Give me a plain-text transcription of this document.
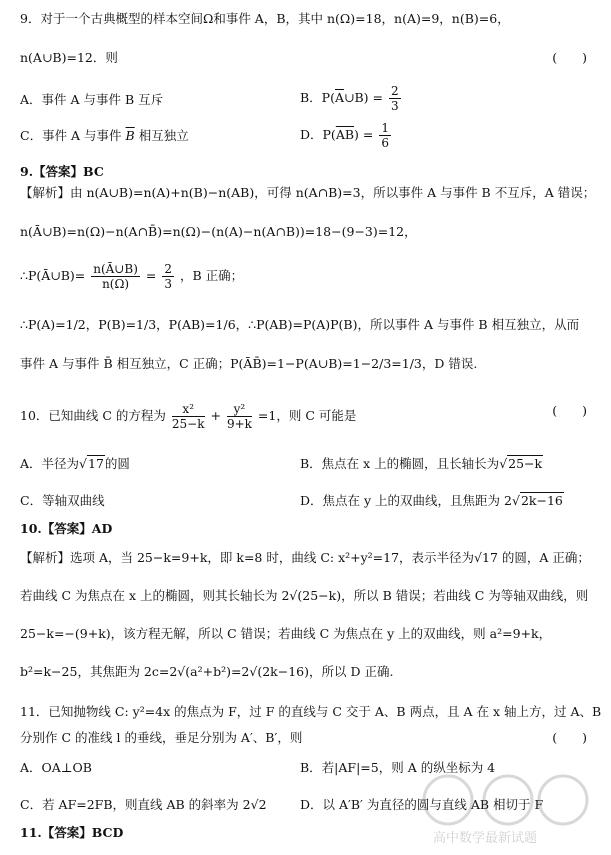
9．对于一个古典概型的样本空间Ω和事件 A，B，其中 n(Ω)=18，n(A)=9，n(B)=6，
n(A∪B)=12．则	(　　)
A．事件 A 与事件 B 互斥	B．$P(\overline{A}\cup B) = \frac{2}{3}$
C．事件 A 与事件 $\overline{B}$ 相互独立	D．$P(\overline{AB}) = \frac{1}{6}$
9.【答案】BC
【解析】由 n(A∪B)=n(A)+n(B)−n(AB)，可得 n(A∩B)=3，所以事件 A 与事件 B 不互斥，A 错误；
n(Ā∪B)=n(Ω)−n(A∩B̄)=n(Ω)−(n(A)−n(A∩B))=18−(9−3)=12，
∴P(Ā∪B)= $\frac{n(Ā\cup B)}{n(\Omega)} = \frac{2}{3}$ ，B 正确；
∴P(A)=1/2，P(B)=1/3，P(AB)=1/6，∴P(AB)=P(A)P(B)，所以事件 A 与事件 B 相互独立，从而
事件 A 与事件 B̄ 相互独立，C 正确；P(ĀB̄)=1−P(A∪B)=1−2/3=1/3，D 错误.
10．已知曲线 C 的方程为 $\frac{\text{x²}}{25-k} + \frac{\text{y²}}{9+k} =1$，则 C 可能是	(　　)
A．半径为√17的圆	B．焦点在 x 上的椭圆，且长轴长为√25−k
C．等轴双曲线	D．焦点在 y 上的双曲线，且焦距为 2√2k−16
10.【答案】AD
【解析】选项 A，当 25−k=9+k，即 k=8 时，曲线 C: x²+y²=17，表示半径为√17 的圆，A 正确；
若曲线 C 为焦点在 x 上的椭圆，则其长轴长为 2√(25−k)，所以 B 错误；若曲线 C 为等轴双曲线，则
25−k=−(9+k)，该方程无解，所以 C 错误；若曲线 C 为焦点在 y 上的双曲线，则 a²=9+k，
b²=k−25，其焦距为 2c=2√(a²+b²)=2√(2k−16)，所以 D 正确.
11．已知抛物线 C: y²=4x 的焦点为 F，过 F 的直线与 C 交于 A、B 两点，且 A 在 x 轴上方，过 A、B
分别作 C 的准线 l 的垂线，垂足分别为 A′、B′，则	(　　)
A．OA⊥OB	B．若|AF|=5，则 A 的纵坐标为 4
C．若 AF=2FB，则直线 AB 的斜率为 2√2	D．以 A′B′ 为直径的圆与直线 AB 相切于 F
11.【答案】BCD	高中数学最新试题
